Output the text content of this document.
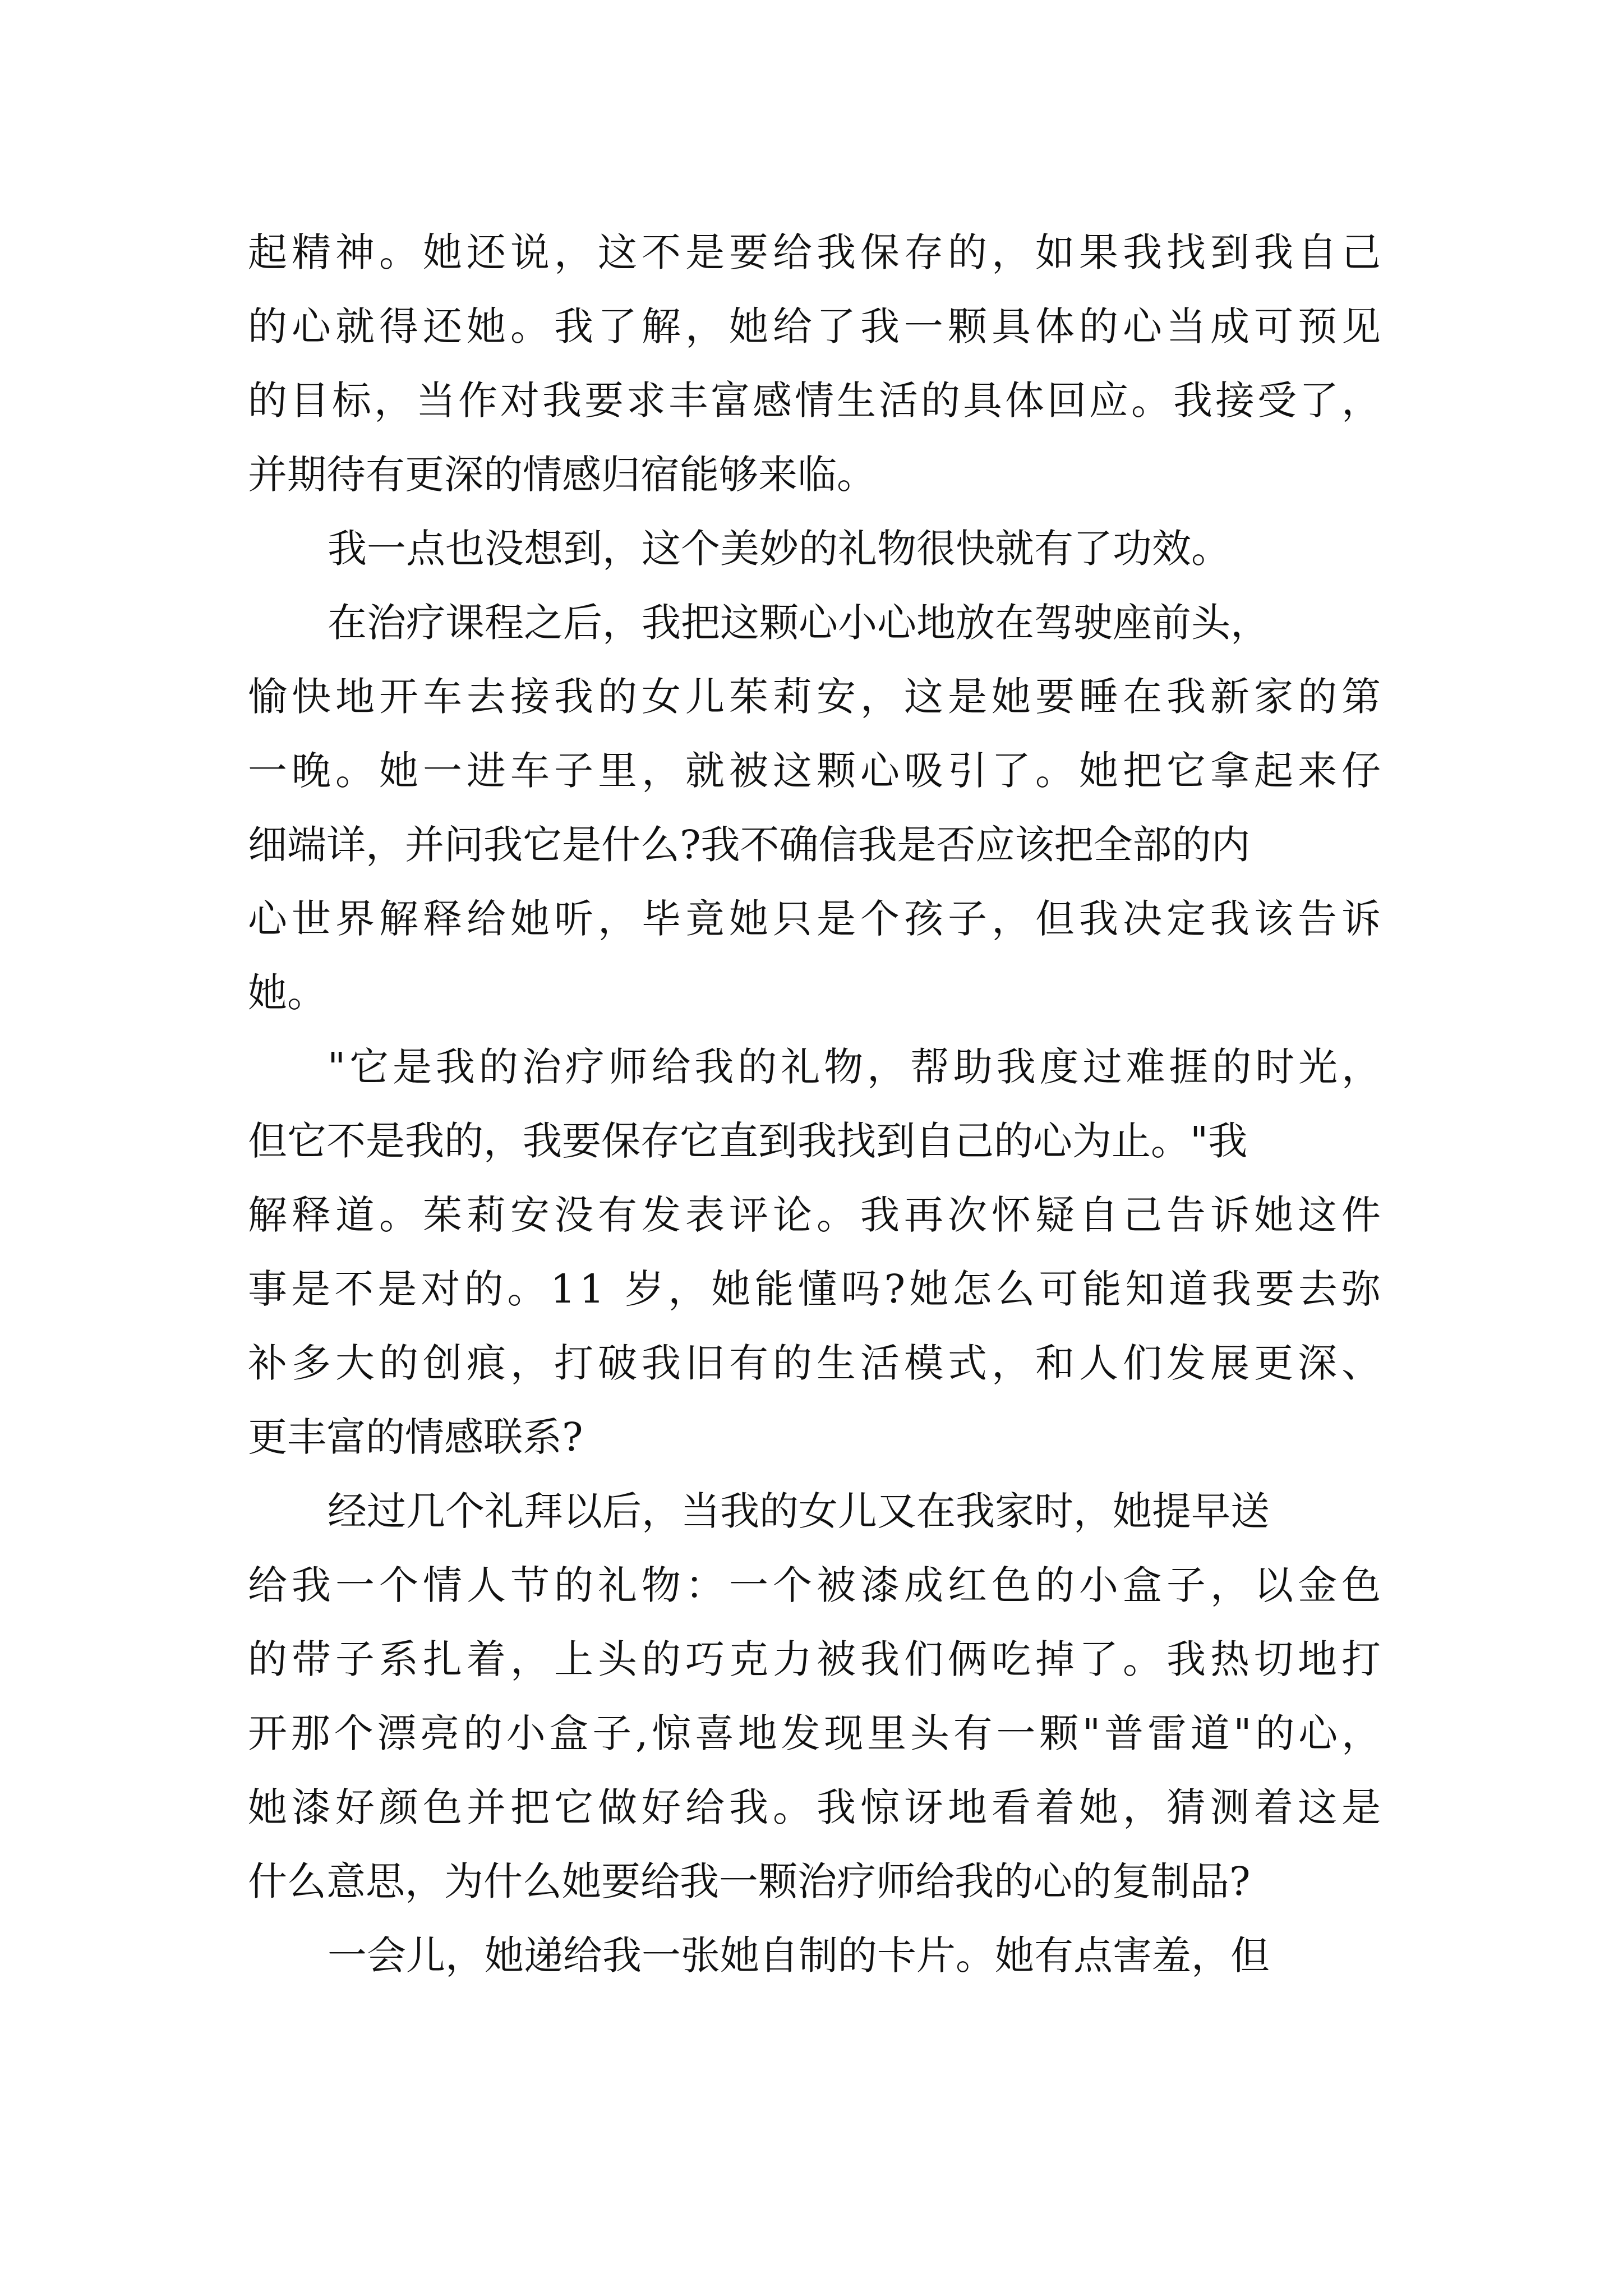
起精神。她还说，这不是要给我保存的，如果我找到我自己
的心就得还她。我了解，她给了我一颗具体的心当成可预见
的目标，当作对我要求丰富感情生活的具体回应。我接受了，
并期待有更深的情感归宿能够来临。
我一点也没想到，这个美妙的礼物很快就有了功效。
在治疗课程之后，我把这颗心小心地放在驾驶座前头，
愉快地开车去接我的女儿茱莉安，这是她要睡在我新家的第
一晚。她一进车子里，就被这颗心吸引了。她把它拿起来仔
细端详，并问我它是什么?我不确信我是否应该把全部的内
心世界解释给她听，毕竟她只是个孩子，但我决定我该告诉
她。
"它是我的治疗师给我的礼物，帮助我度过难捱的时光，
但它不是我的，我要保存它直到我找到自己的心为止。"我
解释道。茱莉安没有发表评论。我再次怀疑自己告诉她这件
事是不是对的。11 岁，她能懂吗?她怎么可能知道我要去弥
补多大的创痕，打破我旧有的生活模式，和人们发展更深、
更丰富的情感联系?
经过几个礼拜以后，当我的女儿又在我家时，她提早送
给我一个情人节的礼物：一个被漆成红色的小盒子，以金色
的带子系扎着，上头的巧克力被我们俩吃掉了。我热切地打
开那个漂亮的小盒子,惊喜地发现里头有一颗"普雷道"的心，
她漆好颜色并把它做好给我。我惊讶地看着她，猜测着这是
什么意思，为什么她要给我一颗治疗师给我的心的复制品?
一会儿，她递给我一张她自制的卡片。她有点害羞，但
